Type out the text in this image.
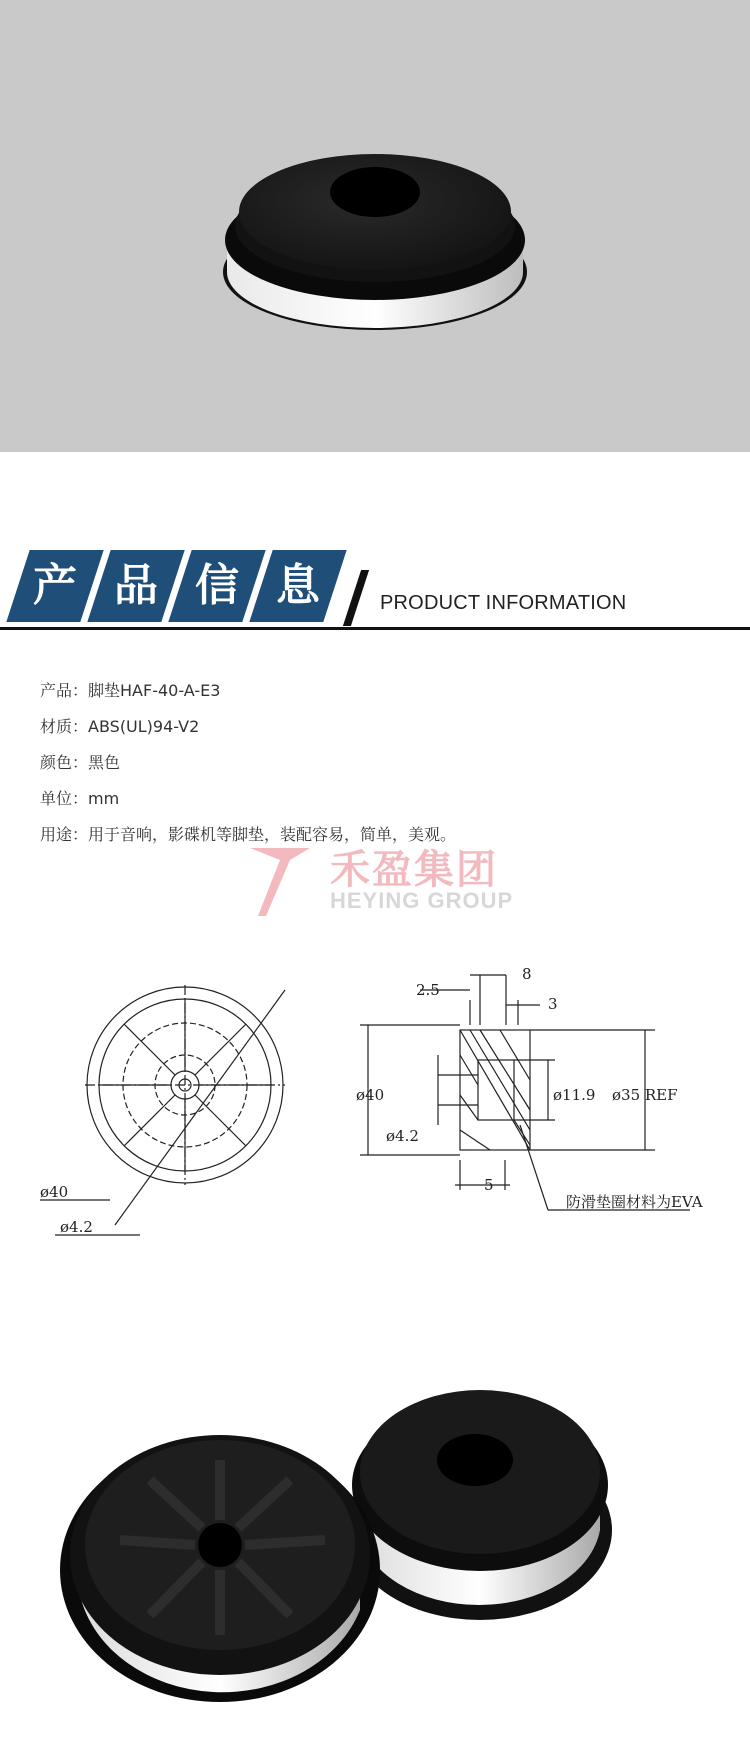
产 品 信 息	PRODUCT INFORMATION
产品：脚垫HAF-40-A-E3
材质：ABS(UL)94-V2
颜色：黑色
单位：mm
用途：用于音响，影碟机等脚垫，装配容易，简单，美观。
禾盈集团
HEYING GROUP
ø40
ø4.2
8
2.5
3
ø40	ø11.9 ø35 REF
ø4.2
5
防滑垫圈材料为EVA
